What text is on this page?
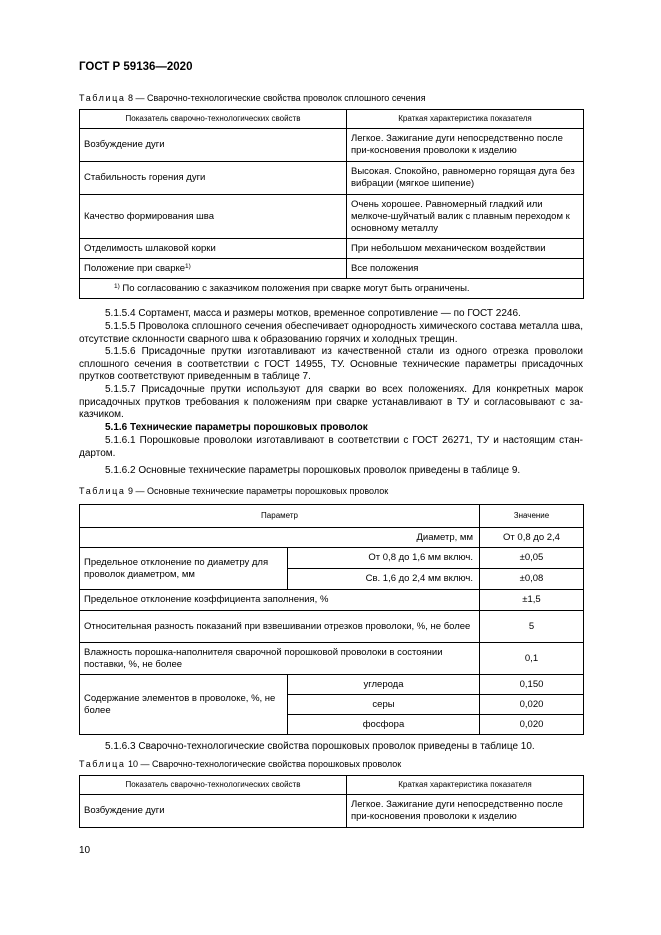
ГОСТ Р 59136—2020
Таблица 8 — Сварочно-технологические свойства проволок сплошного сечения
Показатель сварочно-технологических свойств	Краткая характеристика показателя
Возбуждение дуги	Легкое. Зажигание дуги непосредственно после при-косновения проволоки к изделию
Стабильность горения дуги	Высокая. Спокойно, равномерно горящая дуга без вибрации (мягкое шипение)
Качество формирования шва	Очень хорошее. Равномерный гладкий или мелкоче-шуйчатый валик с плавным переходом к основному металлу
Отделимость шлаковой корки	При небольшом механическом воздействии
Положение при сварке$^{1)}$	Все положения
$^{1)}$ По согласованию с заказчиком положения при сварке могут быть ограничены.	
5.1.5.4 Сортамент, масса и размеры мотков, временное сопротивление — по ГОСТ 2246.
5.1.5.5 Проволока сплошного сечения обеспечивает однородность химического состава металла шва, отсутствие склонности сварного шва к образованию горячих и холодных трещин.
5.1.5.6 Присадочные прутки изготавливают из качественной стали из одного отрезка проволоки сплошного сечения в соответствии с ГОСТ 14955, ТУ. Основные технические параметры присадочных прутков соответствуют приведенным в таблице 7.
5.1.5.7 Присадочные прутки используют для сварки во всех положениях. Для конкретных марок присадочных прутков требования к положениям при сварке устанавливают в ТУ и согласовывают с за-казчиком.
5.1.6 Технические параметры порошковых проволок
5.1.6.1 Порошковые проволоки изготавливают в соответствии с ГОСТ 26271, ТУ и настоящим стан-дартом.
5.1.6.2 Основные технические параметры порошковых проволок приведены в таблице 9.
Таблица 9 — Основные технические параметры порошковых проволок
Параметр		Значение
Диаметр, мм		От 0,8 до 2,4
Предельное отклонение по диаметру для проволок диаметром, мм	От 0,8 до 1,6 мм включ.	±0,05
	Св. 1,6 до 2,4 мм включ.	±0,08
Предельное отклонение коэффициента заполнения, %		±1,5
Относительная разность показаний при взвешивании отрезков проволоки, %, не более		5
Влажность порошка-наполнителя сварочной порошковой проволоки в состоянии поставки, %, не более		0,1
Содержание элементов в проволоке, %, не более	углерода	0,150
	серы	0,020
	фосфора	0,020
5.1.6.3 Сварочно-технологические свойства порошковых проволок приведены в таблице 10.
Таблица 10 — Сварочно-технологические свойства порошковых проволок
Показатель сварочно-технологических свойств	Краткая характеристика показателя
Возбуждение дуги	Легкое. Зажигание дуги непосредственно после при-косновения проволоки к изделию
10
